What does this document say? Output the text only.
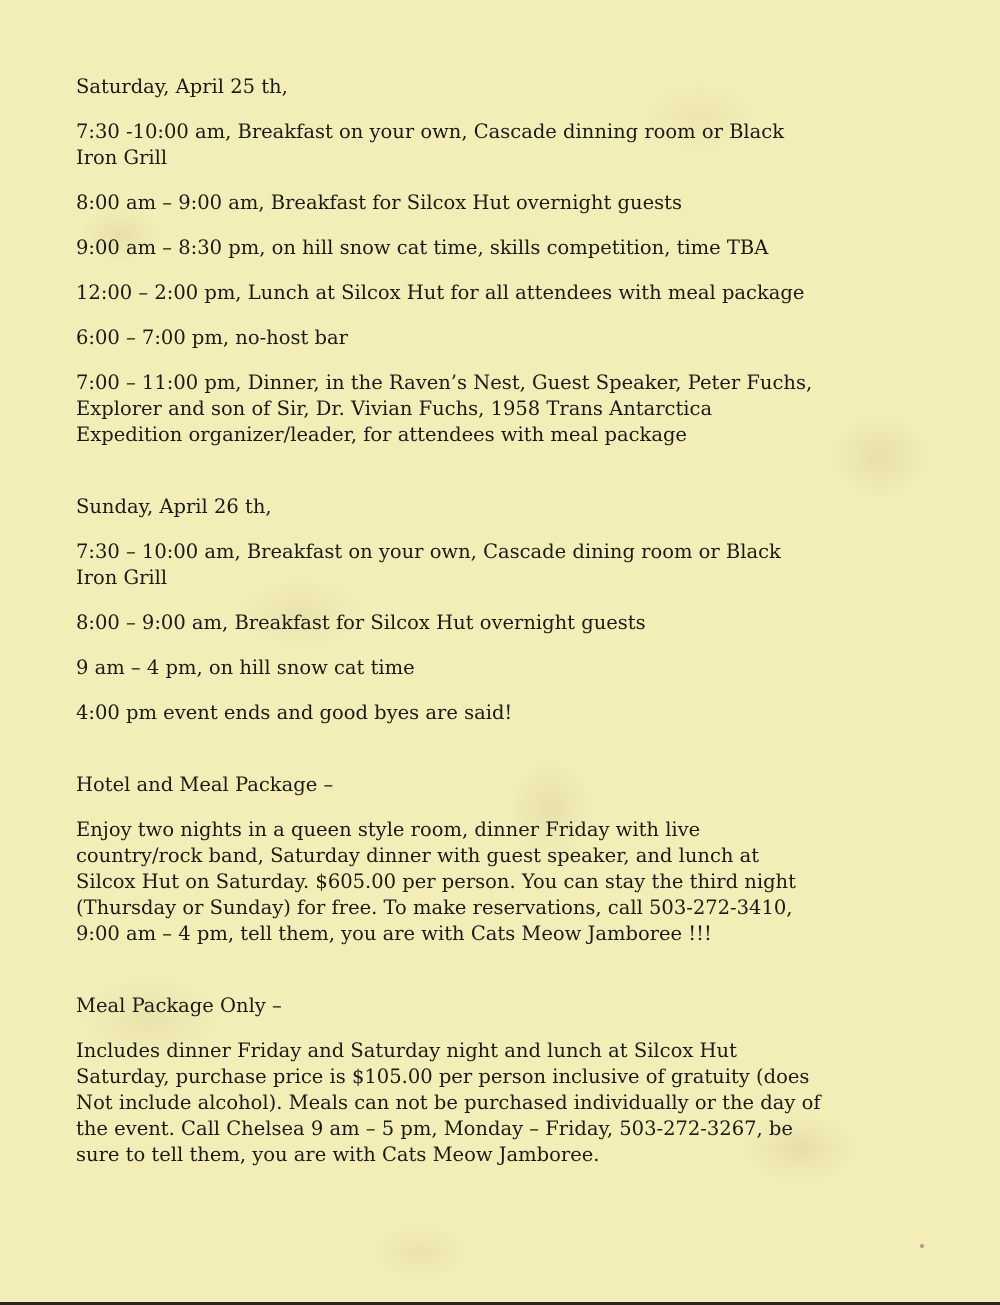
Saturday, April 25 th,

7:30 -10:00 am, Breakfast on your own, Cascade dinning room or Black

Iron Grill

8:00 am – 9:00 am, Breakfast for Silcox Hut overnight guests

9:00 am – 8:30 pm, on hill snow cat time, skills competition, time TBA

12:00 – 2:00 pm, Lunch at Silcox Hut for all attendees with meal package

6:00 – 7:00 pm, no-host bar

7:00 – 11:00 pm, Dinner, in the Raven’s Nest, Guest Speaker, Peter Fuchs,

Explorer and son of Sir, Dr. Vivian Fuchs, 1958 Trans Antarctica

Expedition organizer/leader, for attendees with meal package

Sunday, April 26 th,

7:30 – 10:00 am, Breakfast on your own, Cascade dining room or Black

Iron Grill

8:00 – 9:00 am, Breakfast for Silcox Hut overnight guests

9 am – 4 pm, on hill snow cat time

4:00 pm event ends and good byes are said!

Hotel and Meal Package –

Enjoy two nights in a queen style room, dinner Friday with live

country/rock band, Saturday dinner with guest speaker, and lunch at

Silcox Hut on Saturday. $605.00 per person. You can stay the third night

(Thursday or Sunday) for free. To make reservations, call 503-272-3410,

9:00 am – 4 pm, tell them, you are with Cats Meow Jamboree !!!

Meal Package Only –

Includes dinner Friday and Saturday night and lunch at Silcox Hut

Saturday, purchase price is $105.00 per person inclusive of gratuity (does

Not include alcohol). Meals can not be purchased individually or the day of

the event. Call Chelsea 9 am – 5 pm, Monday – Friday, 503-272-3267, be

sure to tell them, you are with Cats Meow Jamboree.
